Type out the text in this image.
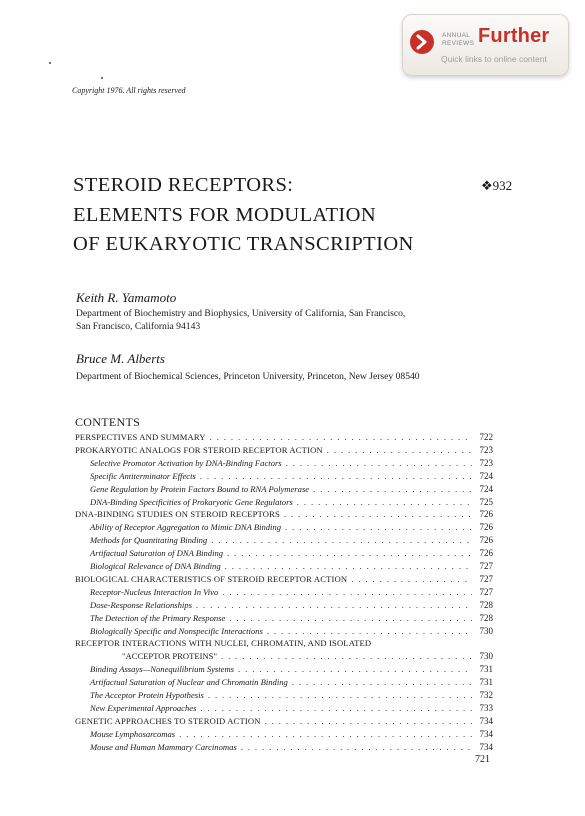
ANNUAL
REVIEWS Further
Quick links to online content
Copyright 1976. All rights reserved
STEROID RECEPTORS:
ELEMENTS FOR MODULATION
OF EUKARYOTIC TRANSCRIPTION
❖932
Keith R. Yamamoto
Department of Biochemistry and Biophysics, University of California, San Francisco,
San Francisco, California 94143
Bruce M. Alberts
Department of Biochemical Sciences, Princeton University, Princeton, New Jersey 08540
CONTENTS
PERSPECTIVES AND SUMMARY . . .	722
PROKARYOTIC ANALOGS FOR STEROID RECEPTOR ACTION . . .	723
Selective Promotor Activation by DNA-Binding Factors . . .	723
Specific Antiterminator Effects . . .	724
Gene Regulation by Protein Factors Bound to RNA Polymerase . . .	724
DNA-Binding Specificities of Prokaryotic Gene Regulators . . .	725
DNA-BINDING STUDIES ON STEROID RECEPTORS . . .	726
Ability of Receptor Aggregation to Mimic DNA Binding . . .	726
Methods for Quantitating Binding . . .	726
Artifactual Saturation of DNA Binding . . .	726
Biological Relevance of DNA Binding . . .	727
BIOLOGICAL CHARACTERISTICS OF STEROID RECEPTOR ACTION . . .	727
Receptor-Nucleus Interaction In Vivo . . .	727
Dose-Response Relationships . . .	728
The Detection of the Primary Response . . .	728
Biologically Specific and Nonspecific Interactions . . .	730
RECEPTOR INTERACTIONS WITH NUCLEI, CHROMATIN, AND ISOLATED
"ACCEPTOR PROTEINS" . . .	730
Binding Assays—Nonequilibrium Systems . . .	731
Artifactual Saturation of Nuclear and Chromatin Binding . . .	731
The Acceptor Protein Hypothesis . . .	732
New Experimental Approaches . . .	733
GENETIC APPROACHES TO STEROID ACTION . . .	734
Mouse Lymphosarcomas . . .	734
Mouse and Human Mammary Carcinomas . . .	734
721
